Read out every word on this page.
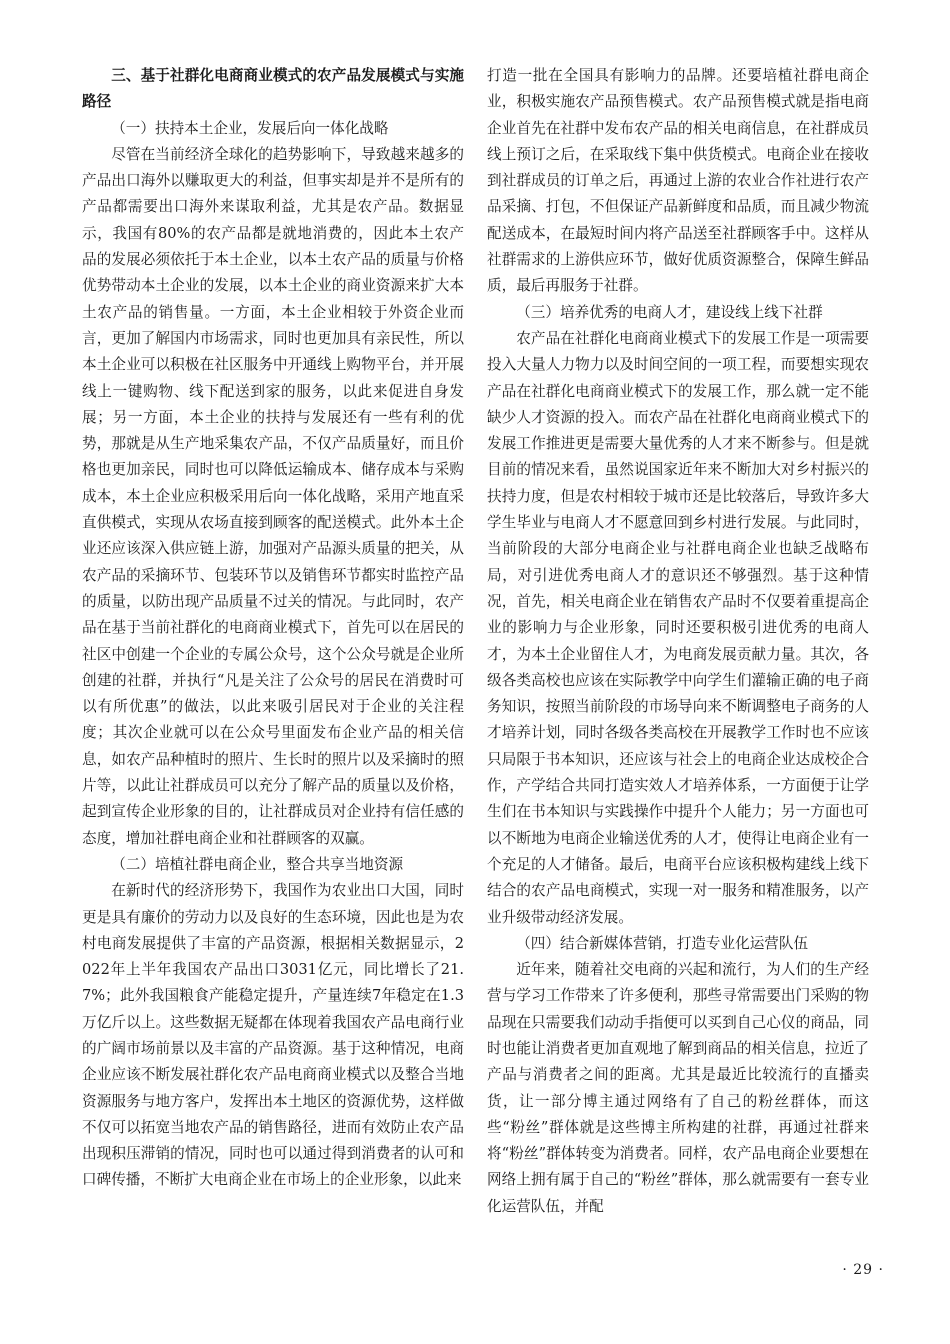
三、基于社群化电商商业模式的农产品发展模式与实施路径
（一）扶持本土企业，发展后向一体化战略

尽管在当前经济全球化的趋势影响下，导致越来越多的产品出口海外以赚取更大的利益，但事实却是并不是所有的产品都需要出口海外来谋取利益，尤其是农产品。数据显示，我国有80%的农产品都是就地消费的，因此本土农产品的发展必须依托于本土企业，以本土农产品的质量与价格优势带动本土企业的发展，以本土企业的商业资源来扩大本土农产品的销售量。一方面，本土企业相较于外资企业而言，更加了解国内市场需求，同时也更加具有亲民性，所以本土企业可以积极在社区服务中开通线上购物平台，并开展线上一键购物、线下配送到家的服务，以此来促进自身发展；另一方面，本土企业的扶持与发展还有一些有利的优势，那就是从生产地采集农产品，不仅产品质量好，而且价格也更加亲民，同时也可以降低运输成本、储存成本与采购成本，本土企业应积极采用后向一体化战略，采用产地直采直供模式，实现从农场直接到顾客的配送模式。此外本土企业还应该深入供应链上游，加强对产品源头质量的把关，从农产品的采摘环节、包装环节以及销售环节都实时监控产品的质量，以防出现产品质量不过关的情况。与此同时，农产品在基于当前社群化的电商商业模式下，首先可以在居民的社区中创建一个企业的专属公众号，这个公众号就是企业所创建的社群，并执行“凡是关注了公众号的居民在消费时可以有所优惠”的做法，以此来吸引居民对于企业的关注程度；其次企业就可以在公众号里面发布企业产品的相关信息，如农产品种植时的照片、生长时的照片以及采摘时的照片等，以此让社群成员可以充分了解产品的质量以及价格，起到宣传企业形象的目的，让社群成员对企业持有信任感的态度，增加社群电商企业和社群顾客的双赢。

（二）培植社群电商企业，整合共享当地资源

在新时代的经济形势下，我国作为农业出口大国，同时更是具有廉价的劳动力以及良好的生态环境，因此也是为农村电商发展提供了丰富的产品资源，根据相关数据显示，2022年上半年我国农产品出口3031亿元，同比增长了21.7%；此外我国粮食产能稳定提升，产量连续7年稳定在1.3万亿斤以上。这些数据无疑都在体现着我国农产品电商行业的广阔市场前景以及丰富的产品资源。基于这种情况，电商企业应该不断发展社群化农产品电商商业模式以及整合当地资源服务与地方客户，发挥出本土地区的资源优势，这样做不仅可以拓宽当地农产品的销售路径，进而有效防止农产品出现积压滞销的情况，同时也可以通过得到消费者的认可和口碑传播，不断扩大电商企业在市场上的企业形象，以此来

打造一批在全国具有影响力的品牌。还要培植社群电商企业，积极实施农产品预售模式。农产品预售模式就是指电商企业首先在社群中发布农产品的相关电商信息，在社群成员线上预订之后，在采取线下集中供货模式。电商企业在接收到社群成员的订单之后，再通过上游的农业合作社进行农产品采摘、打包，不但保证产品新鲜度和品质，而且减少物流配送成本，在最短时间内将产品送至社群顾客手中。这样从社群需求的上游供应环节，做好优质资源整合，保障生鲜品质，最后再服务于社群。

（三）培养优秀的电商人才，建设线上线下社群

农产品在社群化电商商业模式下的发展工作是一项需要投入大量人力物力以及时间空间的一项工程，而要想实现农产品在社群化电商商业模式下的发展工作，那么就一定不能缺少人才资源的投入。而农产品在社群化电商商业模式下的发展工作推进更是需要大量优秀的人才来不断参与。但是就目前的情况来看，虽然说国家近年来不断加大对乡村振兴的扶持力度，但是农村相较于城市还是比较落后，导致许多大学生毕业与电商人才不愿意回到乡村进行发展。与此同时，当前阶段的大部分电商企业与社群电商企业也缺乏战略布局，对引进优秀电商人才的意识还不够强烈。基于这种情况，首先，相关电商企业在销售农产品时不仅要着重提高企业的影响力与企业形象，同时还要积极引进优秀的电商人才，为本土企业留住人才，为电商发展贡献力量。其次，各级各类高校也应该在实际教学中向学生们灌输正确的电子商务知识，按照当前阶段的市场导向来不断调整电子商务的人才培养计划，同时各级各类高校在开展教学工作时也不应该只局限于书本知识，还应该与社会上的电商企业达成校企合作，产学结合共同打造实效人才培养体系，一方面便于让学生们在书本知识与实践操作中提升个人能力；另一方面也可以不断地为电商企业输送优秀的人才，使得让电商企业有一个充足的人才储备。最后，电商平台应该积极构建线上线下结合的农产品电商模式，实现一对一服务和精准服务，以产业升级带动经济发展。

（四）结合新媒体营销，打造专业化运营队伍

近年来，随着社交电商的兴起和流行，为人们的生产经营与学习工作带来了许多便利，那些寻常需要出门采购的物品现在只需要我们动动手指便可以买到自己心仪的商品，同时也能让消费者更加直观地了解到商品的相关信息，拉近了产品与消费者之间的距离。尤其是最近比较流行的直播卖货，让一部分博主通过网络有了自己的粉丝群体，而这些“粉丝”群体就是这些博主所构建的社群，再通过社群来将“粉丝”群体转变为消费者。同样，农产品电商企业要想在网络上拥有属于自己的“粉丝”群体，那么就需要有一套专业化运营队伍，并配

· 29 ·
